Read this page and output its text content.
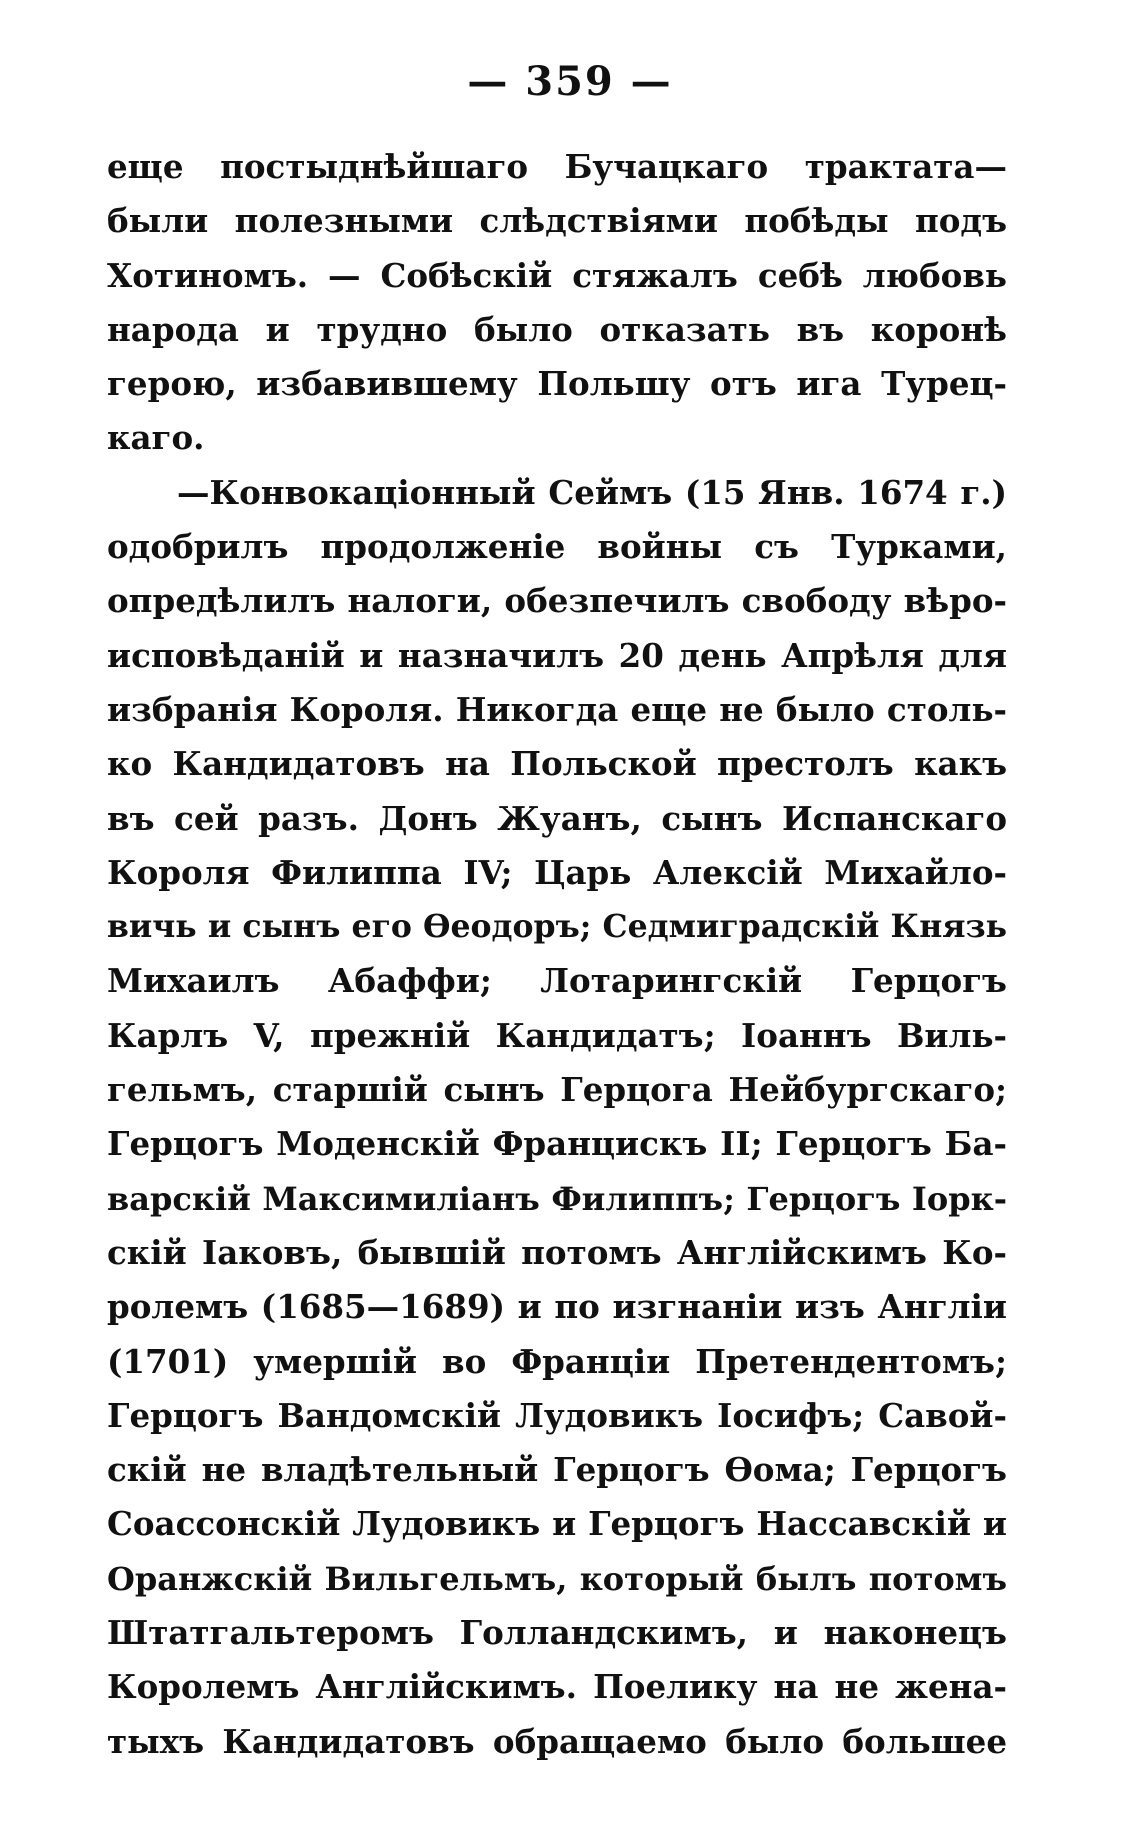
— 359 —
еще постыднѣйшаго Бучацкаго трактата—
были полезными слѣдствіями побѣды подъ
Хотиномъ. — Собѣскій стяжалъ себѣ любовь
народа и трудно было отказать въ коронѣ
герою, избавившему Польшу отъ ига Турец-
каго.
—Конвокаціонный Сеймъ (15 Янв. 1674 г.)
одобрилъ продолженіе войны съ Турками,
опредѣлилъ налоги, обезпечилъ свободу вѣро-
исповѣданій и назначилъ 20 день Апрѣля для
избранія Короля. Никогда еще не было столь-
ко Кандидатовъ на Польской престолъ какъ
въ сей разъ. Донъ Жуанъ, сынъ Испанскаго
Короля Филиппа IV; Царь Алексій Михайло-
вичь и сынъ его Өеодоръ; Седмиградскій Князь
Михаилъ Абаффи; Лотарингскій Герцогъ
Карлъ V, прежній Кандидатъ; Іоаннъ Виль-
гельмъ, старшій сынъ Герцога Нейбургскаго;
Герцогъ Моденскій Францискъ II; Герцогъ Ба-
варскій Максимиліанъ Филиппъ; Герцогъ Іорк-
скій Іаковъ, бывшій потомъ Англійскимъ Ко-
ролемъ (1685—1689) и по изгнаніи изъ Англіи
(1701) умершій во Франціи Претендентомъ;
Герцогъ Вандомскій Лудовикъ Іосифъ; Савой-
скій не владѣтельный Герцогъ Өома; Герцогъ
Соассонскій Лудовикъ и Герцогъ Нассавскій и
Оранжскій Вильгельмъ, который былъ потомъ
Штатгальтеромъ Голландскимъ, и наконецъ
Королемъ Англійскимъ. Поелику на не жена-
тыхъ Кандидатовъ обращаемо было большее
